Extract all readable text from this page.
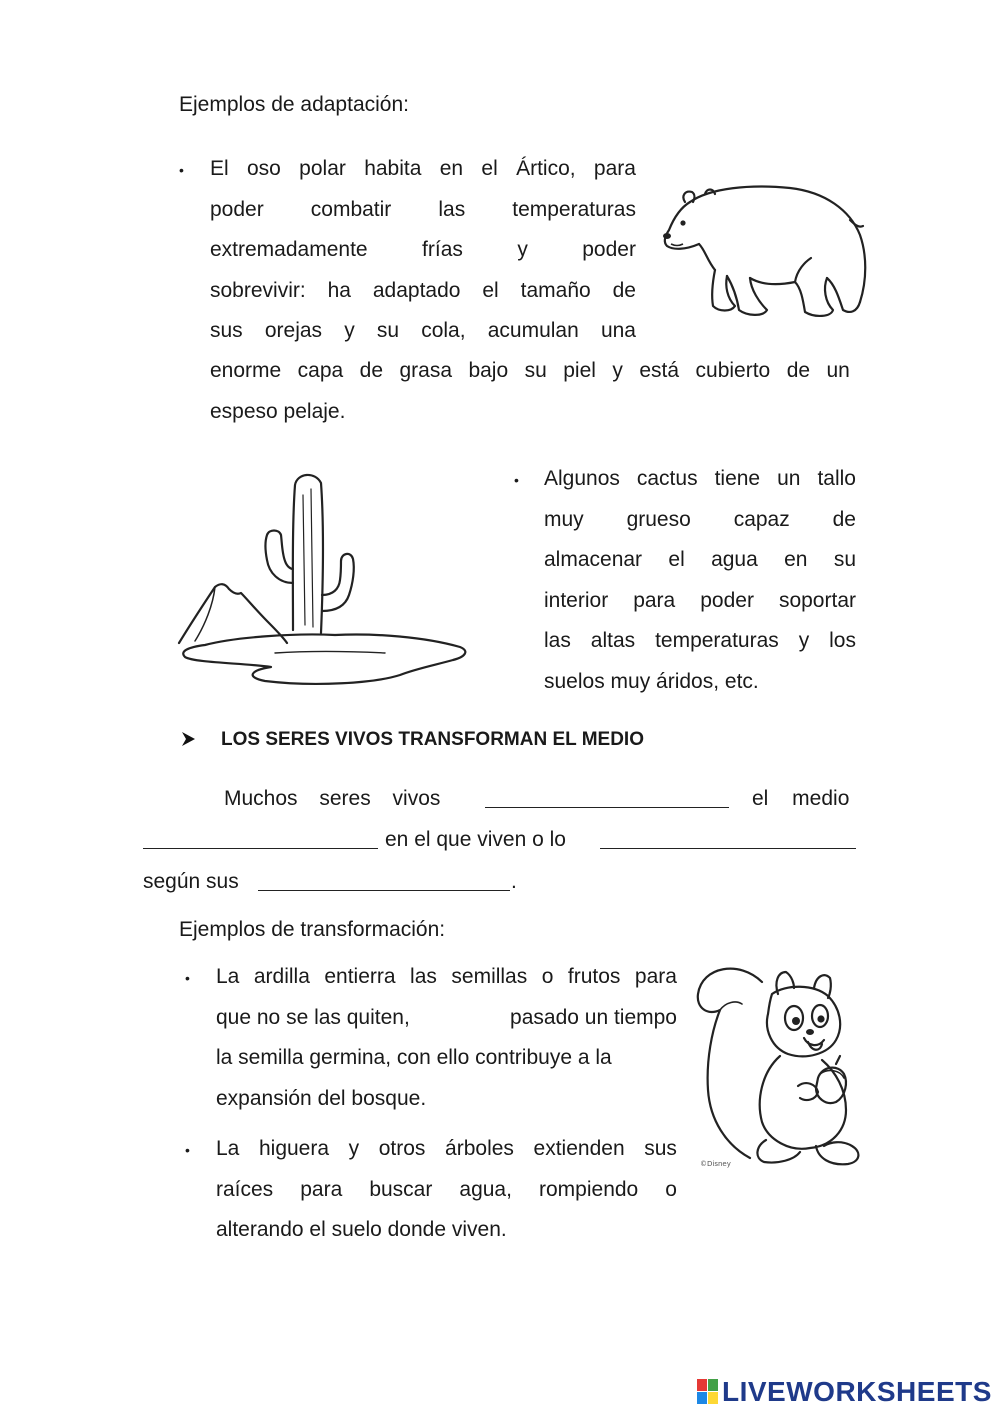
Ejemplos de adaptación:
• El oso polar habita en el Ártico, para
poder combatir las temperaturas
extremadamente	frías	y	poder
sobrevivir: ha adaptado el tamaño de
sus orejas y su cola, acumulan una
enorme capa de grasa bajo su piel y está cubierto de un
espeso pelaje.
• Algunos cactus tiene un tallo
muy grueso capaz de
almacenar el agua en su
interior para poder soportar
las altas temperaturas y los
suelos muy áridos, etc.
LOS SERES VIVOS TRANSFORMAN EL MEDIO
Muchos seres vivos	el medio
en el que viven o lo
según sus	.
Ejemplos de transformación:
• La ardilla entierra las semillas o frutos para
que no se las quiten,	pasado un tiempo
la semilla germina, con ello contribuye a la
expansión del bosque.
• La higuera y otros árboles extienden sus
raíces para buscar agua, rompiendo o
alterando el suelo donde viven.
©Disney
LIVEWORKSHEETS
